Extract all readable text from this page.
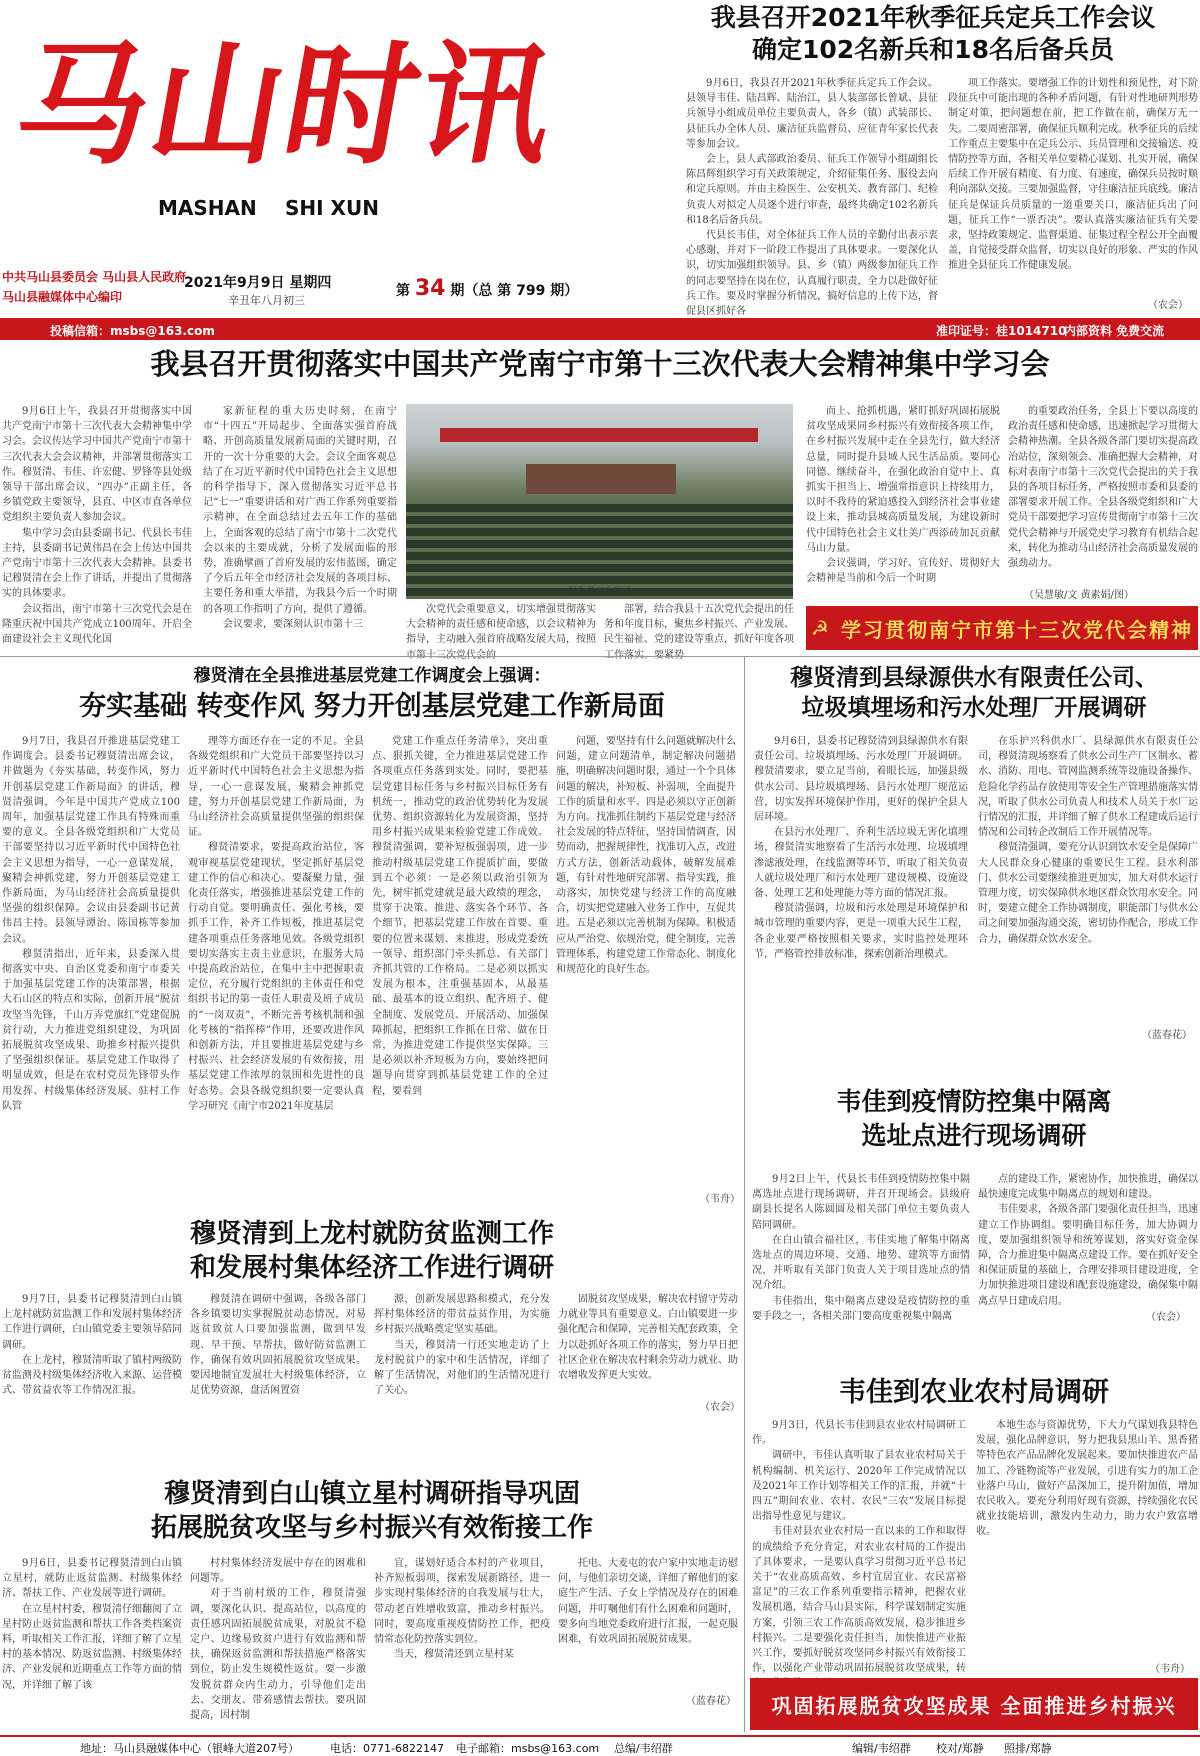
马山时讯
MASHAN SHI XUN
中共马山县委员会 马山县人民政府
马山县融媒体中心编印
2021年9月9日 星期四
辛丑年八月初三
第 34 期（总 第 799 期）
我县召开2021年秋季征兵定兵工作会议
确定102名新兵和18名后备兵员

9月6日，我县召开2021年秋季征兵定兵工作会议。县领导韦佳、陆昌辉、陆治江，县人装部部长曾斌、县征兵领导小组成员单位主要负责人，各乡（镇）武装部长、县征兵办全体人员、廉洁征兵监督员、应征青年家长代表等参加会议。

会上，县人武部政治委员、征兵工作领导小组副组长陈昌辉组织学习有关政策规定，介绍征集任务、服役去向和定兵原则。并由主检医生、公安机关、教育部门、纪检负责人对拟定人员逐个进行审查，最终共确定102名新兵和18名后备兵员。

代县长韦佳，对全体征兵工作人员的辛勤付出表示衷心感谢，并对下一阶段工作提出了具体要求。一要深化认识，切实加强组织领导。县、乡（镇）两级参加征兵工作的同志要坚持在岗在位，认真履行职责，全力以赴做好征兵工作。要及时掌握分析情况，搞好信息的上传下达，督促县区抓好各

项工作落实。要增强工作的计划性和预见性，对下阶段征兵中可能出现的各种矛盾问题，有针对性地研判形势制定对策，把问题想在前，把工作做在前，确保万无一失。二要周密部署，确保征兵顺利完成。秋季征兵的后续工作重点主要集中在定兵公示、兵员管理和交接输送、疫情防控等方面，各相关单位要精心谋划、扎实开展，确保后续工作开展有精度、有力度、有速度，确保兵员按时顺利向部队交接。三要加强监督，守住廉洁征兵底线。廉洁征兵是保证兵员质量的一道重要关口，廉洁征兵出了问题，征兵工作“一票否决”。要认真落实廉洁征兵有关要求，坚持政策规定、监督渠道、征集过程全程公开全面覆盖，自觉接受群众监督，切实以良好的形象、严实的作风推进全县征兵工作健康发展。

（农会）
投稿信箱：msbs@163.com	准印证号：桂1014710
内部资料 免费交流
我县召开贯彻落实中国共产党南宁市第十三次代表大会精神集中学习会

9月6日上午，我县召开贯彻落实中国共产党南宁市第十三次代表大会精神集中学习会。会议传达学习中国共产党南宁市第十三次代表大会会议精神，并部署贯彻落实工作。穆贤清、韦佳、许宏健、罗锋等县处级领导干部出席会议，“四办”正副主任，各乡镇党政主要领导，县直、中区市直各单位党组织主要负责人参加会议。

集中学习会由县委副书记、代县长韦佳主持，县委副书记黄伟昌在会上传达中国共产党南宁市第十三次代表大会精神。县委书记穆贤清在会上作了讲话，并提出了贯彻落实的具体要求。

会议指出，南宁市第十三次党代会是在隆重庆祝中国共产党成立100周年、开启全面建设社会主义现代化国

家新征程的重大历史时刻，在南宁市“十四五”开局起步、全面落实强首府战略、开创高质量发展新局面的关键时期，召开的一次十分重要的大会。会议全面客观总结了在习近平新时代中国特色社会主义思想的科学指导下，深入贯彻落实习近平总书记“七一”重要讲话和对广西工作系列重要指示精神，在全面总结过去五年工作的基础上，全面客观的总结了南宁市第十二次党代会以来的主要成就，分析了发展面临的形势，准确擘画了首府发展的宏伟蓝图，确定了今后五年全市经济社会发展的各项目标、主要任务和重大举措，为我县今后一个时期的各项工作指明了方向，提供了遵循。

会议要求，要深刻认识市第十三

图为学习会现场

次党代会重要意义，切实增强贯彻落实大会精神的责任感和使命感，以会议精神为指导，主动融入强首府战略发展大局，按照

部署，结合我县十五次党代会提出的任务和年度目标，聚焦乡村振兴、产业发展、民生福祉、党的建设等重点，抓好年度各项

而上、抢抓机遇，紧盯抓好巩固拓展脱贫攻坚成果同乡村振兴有效衔接各项工作，在乡村振兴发展中走在全县先行，做大经济总量，同时提升县域人民生活品质。要同心同德、继续奋斗，在强化政治自觉中上、真抓实干担当上、增强常指意识上持续用力，以时不我待的紧迫感投入到经济社会事业建设上来，推动县城高质量发展，为建设新时代中国特色社会主义壮美广西添砖加瓦贡献马山力量。

会议强调，学习好、宣传好、贯彻好大会精神是当前和今后一个时期

的重要政治任务，全县上下要以高度的政治责任感和使命感，迅速掀起学习贯彻大会精神热潮。全县各级各部门要切实提高政治站位，深刻领会、准确把握大会精神，对标对表南宁市第十三次党代会提出的关于我县的各项目标任务，严格按照市委和县委的部署要求开展工作。全县各级党组织和广大党员干部要把学习宣传贯彻南宁市第十三次党代会精神与开展党史学习教育有机结合起来，转化为推动马山经济社会高质量发展的强劲动力。

（吴慧敏/文 黄素娟/图）
☭ 学习贯彻南宁市第十三次党代会精神
穆贤清在全县推进基层党建工作调度会上强调：
夯实基础 转变作风 努力开创基层党建工作新局面

9月7日，我县召开推进基层党建工作调度会。县委书记穆贤清出席会议，并做题为《夯实基础，转变作风，努力开创基层党建工作新局面》的讲话，穆贤清强调，今年是中国共产党成立100周年，加强基层党建工作具有特殊而重要的意义。全县各级党组织和广大党员干部要坚持以习近平新时代中国特色社会主义思想为指导，一心一意谋发展，聚精会神抓党建，努力开创基层党建工作新局面，为马山经济社会高质量提供坚强的组织保障。会议由县委副书记黄伟昌主持。县领导谭治、陈国栋等参加会议。

穆贤清指出，近年来，县委深入贯彻落实中央、自治区党委和南宁市委关于加强基层党建工作的决策部署，根据大石山区的特点和实际，创新开展“脱贫攻坚当先锋，千山万弄党旗红”党建促脱贫行动，大力推进党组织建设，为巩固拓展脱贫攻坚成果、助推乡村振兴提供了坚强组织保证。基层党建工作取得了明显成效，但是在农村党员先锋带头作用发挥、村级集体经济发展、驻村工作队管

理等方面还存在一定的不足。全县各级党组织和广大党员干部要坚持以习近平新时代中国特色社会主义思想为指导，一心一意谋发展，聚精会神抓党建，努力开创基层党建工作新局面，为马山经济社会高质量提供坚强的组织保证。

穆贤清要求，要提高政治站位，客观审视基层党建现状，坚定抓好基层党建工作的信心和决心。要凝聚力量，强化责任落实，增强推进基层党建工作的行动自觉。要明确责任、强化考核，要抓手工作，补齐工作短板，推进基层党建各项重点任务落地见效。各级党组织要切实落实主责主业意识，在服务大局中提高政治站位，在集中主中把握职责定位，充分履行党组织的主体责任和党组织书记的第一责任人职责及班子成员的“一岗双责”，不断完善考核机制和强化考核的“指挥棒”作用，还要改进作风和创新方法，并且要推进基层党建与乡村振兴、社会经济发展的有效衔接，用基层党建工作浓厚的氛围和先进性的良好态势。会县各级党组织要一定要认真学习研究《南宁市2021年度基层

党建工作重点任务清单》，突出重点、狠抓关键，全力推进基层党建工作各项重点任务落到实处。同时，要把基层党建目标任务与乡村振兴目标任务有机统一，推动党的政治优势转化为发展优势、组织资源转化为发展资源，坚持用乡村振兴成果来检验党建工作成效。穆贤清强调，要补短板强弱项，进一步推动村级基层党建工作提质扩面，要做到五个必须：一是必须以政治引领为先，树牢抓党建就是最大政绩的理念，贯穿于决策、推进、落实各个环节、各个细节，把基层党建工作放在首要、重要的位置来谋划、来推进，形成党委统一领导、组织部门牵头抓总、有关部门齐抓共管的工作格局。二是必须以抓实发展为根本，注重强基固本，从最基础、最基本的设立组织、配齐班子、健全制度、发展党员、开展活动、加强保障抓起，把组织工作抓在日常、做在日常，为推进党建工作提供坚实保障。三是必须以补齐短板为方向，要始终把问题导向贯穿到抓基层党建工作的全过程，要看到

问题，要坚持有什么问题就解决什么问题，建立问题清单，制定解决问题措施，明确解决问题时限，通过一个个具体问题的解决，补短板、补弱项，全面提升工作的质量和水平。四是必须以守正创新为方向。找准抓住制约下基层党建与经济社会发展的特点特征，坚持国情调查，因势而动，把握规律性，找准切入点，改进方式方法，创新活动载体，破解发展难题，有针对性地研究部署、指导实践，推动落实，加快党建与经济工作的高度融合，切实把党建融入业务工作中，互促共进。五是必须以完善机制为保障。积极适应从严治党、依规治党，健全制度，完善管理体系，构建党建工作常态化、制度化和规范化的良好生态。

（韦舟）
穆贤清到县绿源供水有限责任公司、
垃圾填埋场和污水处理厂开展调研

9月6日，县委书记穆贤清到县绿源供水有限责任公司、垃圾填埋场、污水处理厂开展调研。穆贤清要求，要立足当前，着眼长远，加强县级供水公司、县垃圾填埋场、县污水处理厂规范运营，切实发挥环境保护作用，更好的保护全县人居环境。

在县污水处理厂、乔利生活垃圾无害化填埋场，穆贤清实地察看了生活污水处理、垃圾填埋渗滤液处理，在线监测等环节，听取了相关负责人就垃圾处理厂和污水处理厂建设规模、设施设备、处理工艺和处理能力等方面的情况汇报。

穆贤清强调，垃圾和污水处理是环境保护和城市管理的重要内容，更是一项重大民生工程，各企业要严格按照相关要求，实时监控处理环节，严格管控排放标准，探索创新治理模式。

在乐护兴科供水厂、县绿源供水有限责任公司，穆贤清现场察看了供水公司生产厂区制水、蓄水、消防、用电、管网监测系统等设施设备操作、危险化学药品存放使用等安全生产管理措施落实情况，听取了供水公司负责人和技术人员关于水厂运行情况的汇报，并详细了解了供水工程建成后运行情况和公司转企改制后工作开展情况等。

穆贤清强调，要充分认识到饮水安全是保障广大人民群众身心健康的重要民生工程。县水利部门、供水公司要继续推进更加实，加大对供水运行管理力度，切实保障供水地区群众饮用水安全。同时，要建立健全工作协调制度，职能部门与供水公司之间要加强沟通交流，密切协作配合，形成工作合力，确保群众饮水安全。

（蓝春花）
韦佳到疫情防控集中隔离
选址点进行现场调研

9月2日上午，代县长韦佳到疫情防控集中隔离选址点进行现场调研，并召开现场会。县级府副县长提名人陈圆圆及相关部门单位主要负责人陪同调研。

在白山镇合福社区，韦佳实地了解集中隔离选址点的周边环境、交通、地势、建筑等方面情况，并听取有关部门负责人关于项目选址点的情况介绍。

韦佳指出，集中隔离点建设是疫情防控的重要手段之一，各相关部门要高度重视集中隔离

点的建设工作，紧密协作，加快推进，确保以最快速度完成集中隔离点的规划和建设。

韦佳要求，各级各部门要强化责任担当，迅速建立工作协调组。要明确目标任务，加大协调力度，要加强组织领导和统筹谋划，落实好资金保障，合力推进集中隔离点建设工作。要在抓好安全和保证质量的基础上，合理安排项目建设进度，全力加快推进项目建设和配套设施建设，确保集中隔离点早日建成启用。

（农会）
穆贤清到上龙村就防贫监测工作
和发展村集体经济工作进行调研

9月7日，县委书记穆贤清到白山镇上龙村就防贫监测工作和发展村集体经济工作进行调研，白山镇党委主要领导陪同调研。

在上龙村，穆贤清听取了镇村两级防贫监测及村级集体经济收入来源、运营模式、带贫益农等工作情况汇报。

穆贤清在调研中强调，各级各部门各乡镇要切实掌握脱贫动态情况，对易返贫致贫人口要加强监测，做到早发现、早干预、早帮扶，做好防贫监测工作，确保有效巩固拓展脱贫攻坚成果。要因地制宜发展壮大村级集体经济，立足优势资源，盘活闲置资

源，创新发展思路和模式，充分发挥村集体经济的带贫益贫作用，为实施乡村振兴战略奠定坚实基础。

当天，穆贤清一行还实地走访了上龙村脱贫户的家中和生活情况，详细了解了生活情况，对他们的生活情况进行了关心。

固脱贫攻坚成果，解决农村留守劳动力就业等具有重要意义。白山镇要进一步强化配合和保障，完善相关配套政策，全力以赴抓好各项工作的落实，努力早日把社区企业在解决农村剩余劳动力就业、助农增收发挥更大实效。

（农会）
穆贤清到白山镇立星村调研指导巩固
拓展脱贫攻坚与乡村振兴有效衔接工作

9月6日，县委书记穆贤清到白山镇立星村，就防止返贫监测、村级集体经济、帮扶工作、产业发展等进行调研。

在立星村村委，穆贤清仔细翻阅了立星村防止返贫监测和帮扶工作各类档案资料，听取相关工作汇报，详细了解了立星村的基本情况、防返贫监测、村级集体经济、产业发展和近期重点工作等方面的情况，并详细了解了该

村村集体经济发展中存在的困难和问题等。

对于当前村级的工作，穆贤清强调，要深化认识、提高站位，以高度的责任感巩固拓展脱贫成果，对脱贫不稳定户、边缘易致贫户进行有效监测和帮扶，确保返贫监测和帮扶措施严格落实到位，防止发生规模性返贫。要一步激发脱贫群众内生动力，引导他们走出去、交朋友、带着感情去帮扶。要巩固提高，因村制

宜，谋划好适合本村的产业项目，补齐短板弱项，探索发展新路径，进一步实现村集体经济的自我发展与壮大，带动老百姓增收致富，推动乡村振兴。同时，要高度重视疫情防控工作，把疫情常态化防控落实到位。

当天，穆贤清还到立星村某

托电、大麦屯的农户家中实地走访慰问，与他们亲切交谈，详细了解他们的家庭生产生活、子女上学情况及存在的困难问题，并叮嘱他们有什么困难和问题时，要多向当地党委政府进行汇报，一起克服困难，有效巩固拓展脱贫成果。

（蓝春花）
韦佳到农业农村局调研

9月3日，代县长韦佳到县农业农村局调研工作。

调研中，韦佳认真听取了县农业农村局关于机构编制、机关运行、2020年工作完成情况以及2021年工作计划等相关工作的汇报，并就“十四五”期间农业、农村、农民“三农”发展目标提出指导性意见与建议。

韦佳对县农业农村局一直以来的工作和取得的成绩给予充分肯定，对农业农村局的工作提出了具体要求，一是要认真学习贯彻习近平总书记关于“农业高质高效、乡村宜居宜业、农民富裕富足”的三农工作系列重要指示精神，把握农业发展机遇，结合马山县实际，科学谋划制定实施方案，引领三农工作高质高效发展，稳步推进乡村振兴。二是要强化责任担当，加快推进产业振兴工作，要抓好脱贫攻坚同乡村振兴有效衔接工作，以强化产业带动巩固拓展脱贫攻坚成果，转

本地生态与资源优势，下大力气谋划我县特色发展，强化品牌意识，努力把我县黑山羊、黑香猪等特色农产品品牌化发展起来。要加快推进农产品加工、冷链物流等产业发展，引进有实力的加工企业落户马山，做好产品深加工，提升附加值，增加农民收入。要充分利用好现有资源，持续强化农民就业技能培训，激发内生动力，助力农户致富增收。

（韦舟）
巩固拓展脱贫攻坚成果 全面推进乡村振兴
地址：马山县融媒体中心（银峰大道207号）	电话：0771-6822147 电子邮箱：msbs@163.com 总编/韦绍群	编辑/韦绍群 校对/郑静 照排/郑静
